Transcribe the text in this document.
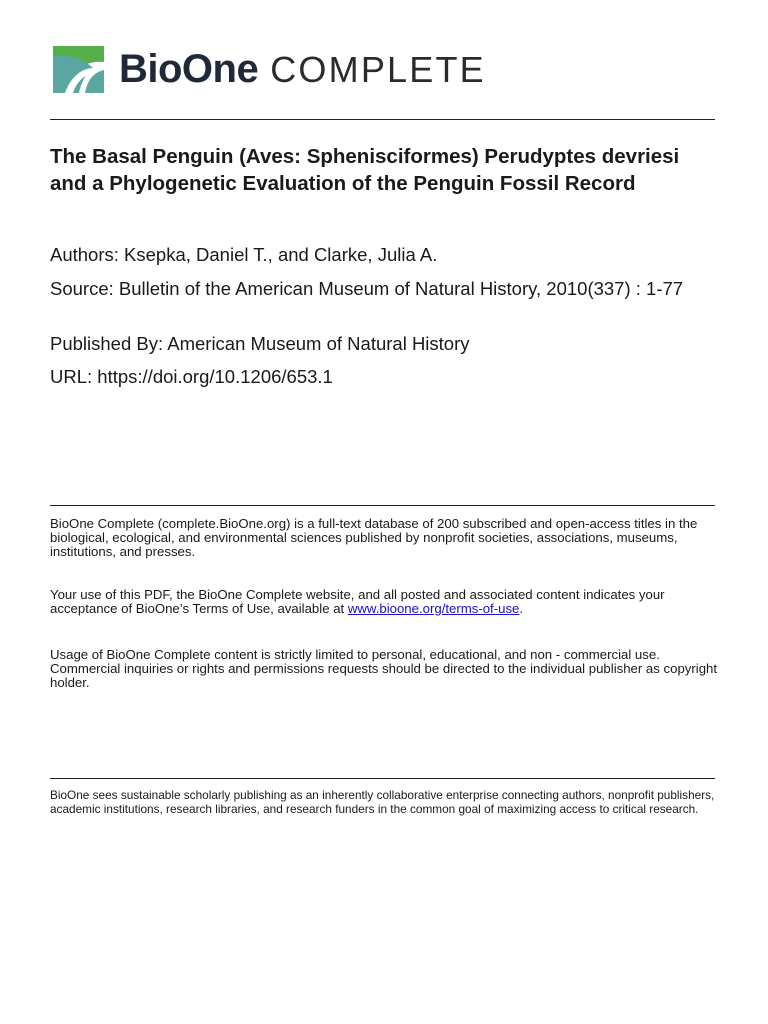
BioOne COMPLETE
The Basal Penguin (Aves: Sphenisciformes) Perudyptes devriesi and a Phylogenetic Evaluation of the Penguin Fossil Record
Authors: Ksepka, Daniel T., and Clarke, Julia A.
Source: Bulletin of the American Museum of Natural History, 2010(337) : 1-77
Published By: American Museum of Natural History
URL: https://doi.org/10.1206/653.1
BioOne Complete (complete.BioOne.org) is a full-text database of 200 subscribed and open-access titles in the biological, ecological, and environmental sciences published by nonprofit societies, associations, museums, institutions, and presses.
Your use of this PDF, the BioOne Complete website, and all posted and associated content indicates your acceptance of BioOne’s Terms of Use, available at www.bioone.org/terms-of-use.
Usage of BioOne Complete content is strictly limited to personal, educational, and non - commercial use. Commercial inquiries or rights and permissions requests should be directed to the individual publisher as copyright holder.
BioOne sees sustainable scholarly publishing as an inherently collaborative enterprise connecting authors, nonprofit publishers, academic institutions, research libraries, and research funders in the common goal of maximizing access to critical research.
